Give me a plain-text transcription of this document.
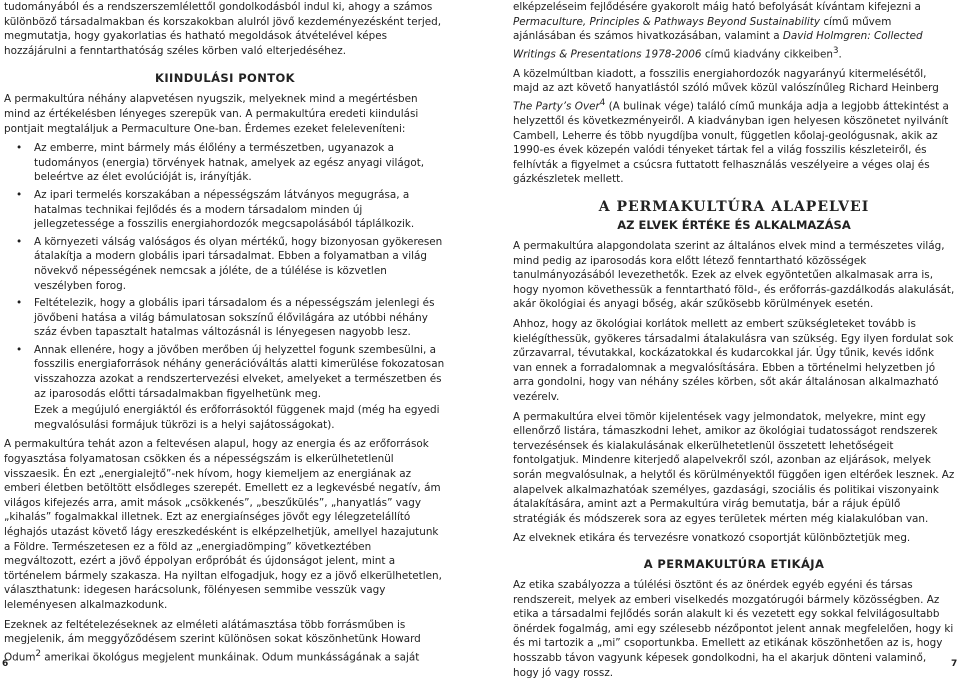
tudományából és a rendszerszemlélettől gondolkodásból indul ki, ahogy a számos különböző társadalmakban és korszakokban alulról jövő kezdeményezésként terjed, megmutatja, hogy gyakorlatias és hatható megoldások átvételével képes hozzájárulni a fenntarthatóság széles körben való elterjedéséhez.

KIINDULÁSI PONTOK

A permakultúra néhány alapvetésen nyugszik, melyeknek mind a megértésben mind az értékelésben lényeges szerepük van. A permakultúra eredeti kiindulási pontjait megtaláljuk a Permaculture One-ban. Érdemes ezeket feleleveníteni:

• Az emberre, mint bármely más élőlény a természetben, ugyanazok a tudományos (energia) törvények hatnak, amelyek az egész anyagi világot, beleértve az élet evolúcióját is, irányítják.
• Az ipari termelés korszakában a népességszám látványos megugrása, a hatalmas technikai fejlődés és a modern társadalom minden új jellegzetessége a fosszilis energiahordozók megcsapolásából táplálkozik.
• A környezeti válság valóságos és olyan mértékű, hogy bizonyosan gyökeresen átalakítja a modern globális ipari társadalmat. Ebben a folyamatban a világ növekvő népességének nemcsak a jóléte, de a túlélése is közvetlen veszélyben forog.
• Feltételezik, hogy a globális ipari társadalom és a népességszám jelenlegi és jövőbeni hatása a világ bámulatosan sokszínű élővilágára az utóbbi néhány száz évben tapasztalt hatalmas változásnál is lényegesen nagyobb lesz.
• Annak ellenére, hogy a jövőben merőben új helyzettel fogunk szembesülni, a fosszilis energiaforrások néhány generációváltás alatti kimerülése fokozatosan visszahozza azokat a rendszertervezési elveket, amelyeket a természetben és az iparosodás előtti társadalmakban figyelhetünk meg.

Ezek a megújuló energiáktól és erőforrásoktól függenek majd (még ha egyedi megvalósulási formájuk tükrözi is a helyi sajátosságokat).

A permakultúra tehát azon a feltevésen alapul, hogy az energia és az erőforrások fogyasztása folyamatosan csökken és a népességszám is elkerülhetetlenül visszaesik. Én ezt „energialejtő”-nek hívom, hogy kiemeljem az energiának az emberi életben betöltött elsődleges szerepét. Emellett ez a legkevésbé negatív, ám világos kifejezés arra, amit mások „csökkenés”, „beszűkülés”, „hanyatlás” vagy „kihalás” fogalmakkal illetnek. Ezt az energiaínséges jövőt egy lélegzetelállító léghajós utazást követő lágy ereszkedésként is elképzelhetjük, amellyel hazajutunk a Földre. Természetesen ez a föld az „energiadömping” következtében megváltozott, ezért a jövő éppolyan erőpróbát és újdonságot jelent, mint a történelem bármely szakasza. Ha nyiltan elfogadjuk, hogy ez a jövő elkerülhetetlen, választhatunk: idegesen harácsolunk, fölényesen semmibe vesszük vagy leleményesen alkalmazkodunk.

Ezeknek az feltételezéseknek az elméleti alátámasztása több forrásműben is megjelenik, ám meggyőződésem szerint különösen sokat köszönhetünk Howard Odum$^2$ amerikai ökológus megjelent munkáinak. Odum munkásságának a saját

elképzeléseim fejlődésére gyakorolt máig ható befolyását kívántam kifejezni a Permaculture, Principles & Pathways Beyond Sustainability című művem ajánlásában és számos hivatkozásában, valamint a David Holmgren: Collected Writings & Presentations 1978-2006 című kiadvány cikkeiben$^3$.

A közelmúltban kiadott, a fosszilis energiahordozók nagyarányú kitermelésétől, majd az azt követő hanyatlástól szóló művek közül valószínűleg Richard Heinberg The Party’s Over$^4$ (A bulinak vége) találó című munkája adja a legjobb áttekintést a helyzettől és következményeiről. A kiadványban igen helyesen köszönetet nyilvánít Cambell, Leherre és több nyugdíjba vonult, független kőolaj-geológusnak, akik az 1990-es évek közepén valódi tényeket tártak fel a világ fosszilis készleteiről, és felhívták a figyelmet a csúcsra futtatott felhasználás veszélyeire a véges olaj és gázkészletek mellett.

A PERMAKULTÚRA ALAPELVEI
AZ ELVEK ÉRTÉKE ÉS ALKALMAZÁSA

A permakultúra alapgondolata szerint az általános elvek mind a természetes világ, mind pedig az iparosodás kora előtt létező fenntartható közösségek tanulmányozásából levezethetők. Ezek az elvek egyöntetűen alkalmasak arra is, hogy nyomon követhessük a fenntartható föld-, és erőforrás-gazdálkodás alakulását, akár ökológiai és anyagi bőség, akár szűkösebb körülmények esetén.

Ahhoz, hogy az ökológiai korlátok mellett az embert szükségleteket tovább is kielégíthessük, gyökeres társadalmi átalakulásra van szükség. Egy ilyen fordulat sok zűrzavarral, tévutakkal, kockázatokkal és kudarcokkal jár. Úgy tűnik, kevés időnk van ennek a forradalomnak a megvalósítására. Ebben a történelmi helyzetben jó arra gondolni, hogy van néhány széles körben, sőt akár általánosan alkalmazható vezérelv.

A permakultúra elvei tömör kijelentések vagy jelmondatok, melyekre, mint egy ellenőrző listára, támaszkodni lehet, amikor az ökológiai tudatosságot rendszerek tervezésénsek és kialakulásának elkerülhetetlenül összetett lehetőségeit fontolgatjuk. Mindenre kiterjedő alapelvekről szól, azonban az eljárások, melyek során megvalósulnak, a helytől és körülményektől függően igen eltérőek lesznek. Az alapelvek alkalmazhatóak személyes, gazdasági, szociális és politikai viszonyaink átalakítására, amint azt a Permakultúra virág bemutatja, bár a rájuk épülő stratégiák és módszerek sora az egyes területek mérten még kialakulóban van.

Az elveknek etikára és tervezésre vonatkozó csoportját különböztetjük meg.

A PERMAKULTÚRA ETIKÁJA

Az etika szabályozza a túlélési ösztönt és az önérdek egyéb egyéni és társas rendszereit, melyek az emberi viselkedés mozgatórugói bármely közösségben. Az etika a társadalmi fejlődés során alakult ki és vezetett egy sokkal felvilágosultabb önérdek fogalmág, ami egy szélesebb nézőpontot jelent annak megfelelően, hogy ki és mi tartozik a „mi” csoportunkba. Emellett az etikának köszönhetően az is, hogy hosszabb távon vagyunk képesek gondolkodni, ha el akarjuk dönteni valaminő, hogy jó vagy rossz.

6	7
